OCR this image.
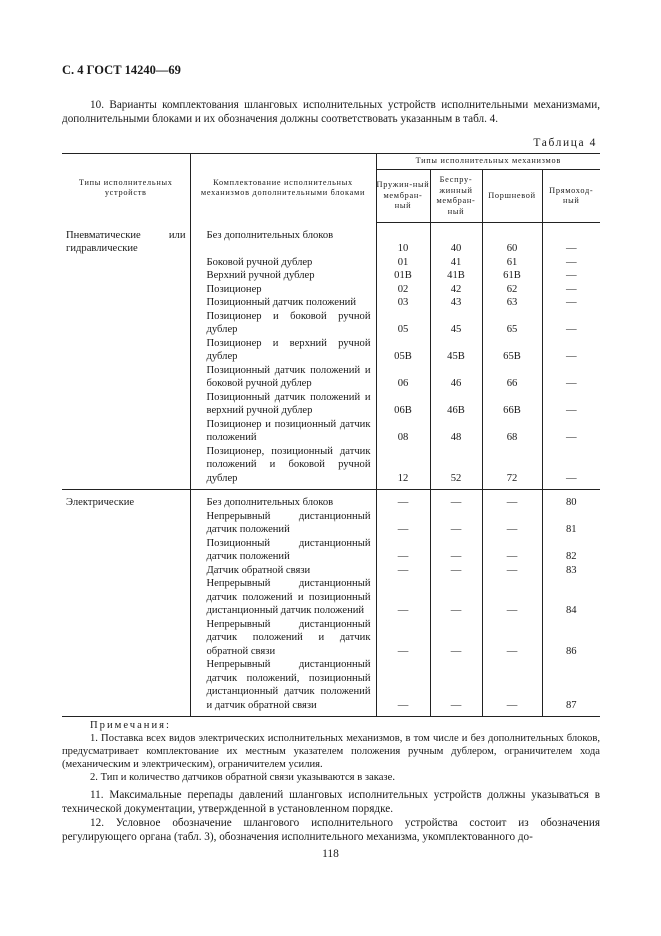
С. 4 ГОСТ 14240—69
10. Варианты комплектования шланговых исполнительных устройств исполнительными механизмами, дополнительными блоками и их обозначения должны соответствовать указанным в табл. 4.
Таблица 4
Типы исполнительных устройств	Комплектование исполнительных механизмов дополнительными блоками	Типы исполнительных механизмов			
		Пружин-ный мембран-ный	Беспру-жинный мембран-ный	Поршневой	Прямоход-ный
Пневматические или гидравлические	Без дополнительных блоков	10	40	60	—
	Боковой ручной дублер	01	41	61	—
	Верхний ручной дублер	01В	41В	61В	—
	Позиционер	02	42	62	—
	Позиционный датчик положений	03	43	63	—
	Позиционер и боковой ручной дублер	05	45	65	—
	Позиционер и верхний ручной дублер	05В	45В	65В	—
	Позиционный датчик положений и боковой ручной дублер	06	46	66	—
	Позиционный датчик положений и верхний ручной дублер	06В	46В	66В	—
	Позиционер и позиционный датчик положений	08	48	68	—
	Позиционер, позиционный датчик положений и боковой ручной дублер	12	52	72	—
Электрические	Без дополнительных блоков	—	—	—	80
	Непрерывный дистанционный датчик положений	—	—	—	81
	Позиционный дистанционный датчик положений	—	—	—	82
	Датчик обратной связи	—	—	—	83
	Непрерывный дистанционный датчик положений и позиционный дистанционный датчик положений	—	—	—	84
	Непрерывный дистанционный датчик положений и датчик обратной связи	—	—	—	86
	Непрерывный дистанционный датчик положений, позиционный дистанционный датчик положений и датчик обратной связи	—	—	—	87
Примечания:
1. Поставка всех видов электрических исполнительных механизмов, в том числе и без дополнительных блоков, предусматривает комплектование их местным указателем положения ручным дублером, ограничителем хода (механическим и электрическим), ограничителем усилия.
2. Тип и количество датчиков обратной связи указываются в заказе.
11. Максимальные перепады давлений шланговых исполнительных устройств должны указываться в технической документации, утвержденной в установленном порядке.
12. Условное обозначение шлангового исполнительного устройства состоит из обозначения регулирующего органа (табл. 3), обозначения исполнительного механизма, укомплектованного до-
118
